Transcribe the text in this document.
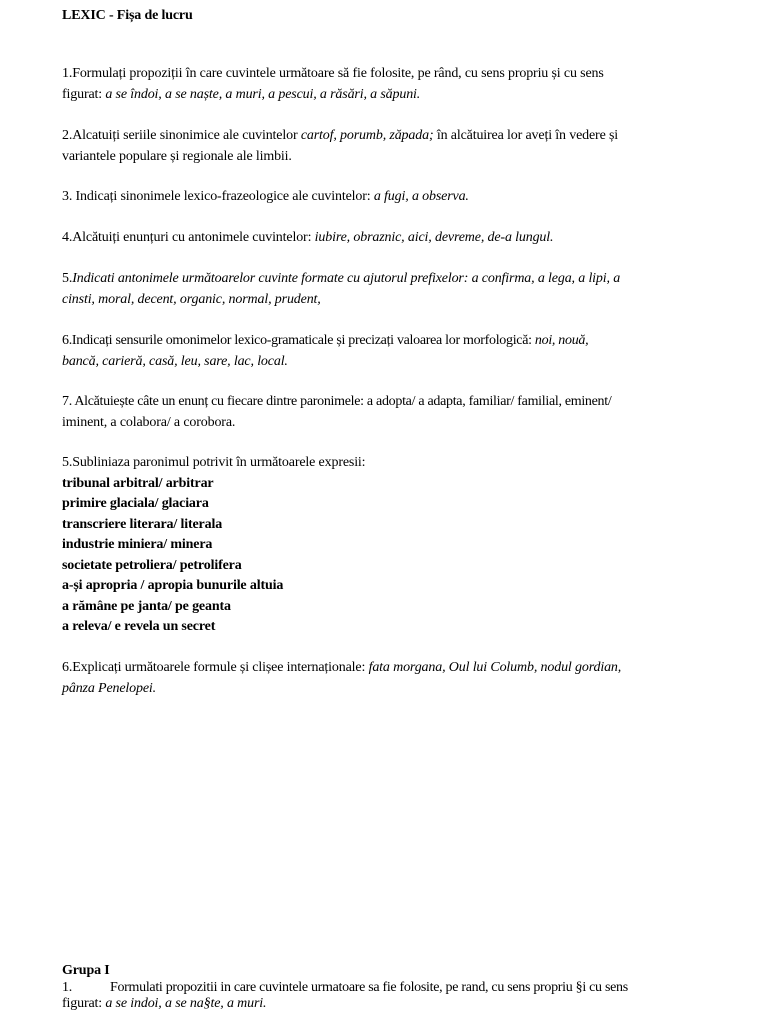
LEXIC - Fișa de lucru
1.Formulați propoziții în care cuvintele următoare să fie folosite, pe rând, cu sens propriu și cu sens
figurat: a se îndoi, a se naște, a muri, a pescui, a răsări, a săpuni.
2.Alcatuiți seriile sinonimice ale cuvintelor cartof, porumb, zăpada; în alcătuirea lor aveți în vedere și
variantele populare și regionale ale limbii.
3. Indicați sinonimele lexico-frazeologice ale cuvintelor: a fugi, a observa.
4.Alcătuiți enunțuri cu antonimele cuvintelor: iubire, obraznic, aici, devreme, de-a lungul.
5.Indicati antonimele următoarelor cuvinte formate cu ajutorul prefixelor: a confirma, a lega, a lipi, a
cinsti, moral, decent, organic, normal, prudent,
6.Indicați sensurile omonimelor lexico-gramaticale și precizați valoarea lor morfologică: noi, nouă,
bancă, carieră, casă, leu, sare, lac, local.
7. Alcătuiește câte un enunț cu fiecare dintre paronimele: a adopta/ a adapta, familiar/ familial, eminent/
iminent, a colabora/ a corobora.
5.Subliniaza paronimul potrivit în următoarele expresii:
tribunal arbitral/ arbitrar
primire glaciala/ glaciara
transcriere literara/ literala
industrie miniera/ minera
societate petroliera/ petrolifera
a-și apropria / apropia bunurile altuia
a rămâne pe janta/ pe geanta
a releva/ e revela un secret
6.Explicați următoarele formule și clișee internaționale: fata morgana, Oul lui Columb, nodul gordian,
pânza Penelopei.
Grupa I
1.	Formulati propozitii in care cuvintele urmatoare sa fie folosite, pe rand, cu sens propriu §i cu sens
figurat: a se indoi, a se na§te, a muri.
